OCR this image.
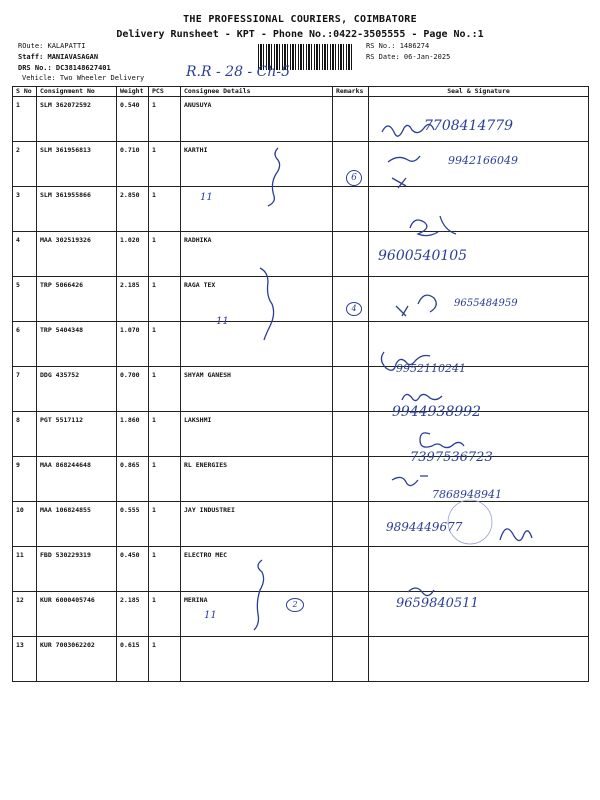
THE PROFESSIONAL COURIERS, COIMBATORE
Delivery Runsheet - KPT - Phone No.:0422-3505555 - Page No.:1
ROute: KALAPATTI
Staff: MANIAVASAGAN
DRS No.: DC38148627401
Vehicle: Two Wheeler Delivery
RS No.: 1486274
RS Date: 06-Jan-2025
R.R - 28 - Ch-5
S No	Consignment No	Weight	PCS	Consignee Details	Remarks	Seal & Signature
1	SLM 362072592	0.540	1	ANUSUYA		
2	SLM 361956813	0.710	1	KARTHI		
3	SLM 361955866	2.850	1			
4	MAA 302519326	1.020	1	RADHIKA		
5	TRP 5066426	2.185	1	RAGA TEX		
6	TRP 5404348	1.070	1			
7	DDG 435752	0.700	1	SHYAM GANESH		
8	PGT 5517112	1.860	1	LAKSHMI		
9	MAA 868244648	0.865	1	RL ENERGIES		
10	MAA 106824855	0.555	1	JAY INDUSTREI		
11	FBD 530229319	0.450	1	ELECTRO MEC		
12	KUR 6000405746	2.185	1	MERINA		
13	KUR 7003062202	0.615	1			
7708414779
9942166049
11
9600540105
11
9655484959
9952110241
9944938992
7397536723
7868948941
9894449677
11
9659840511
6
4
2
